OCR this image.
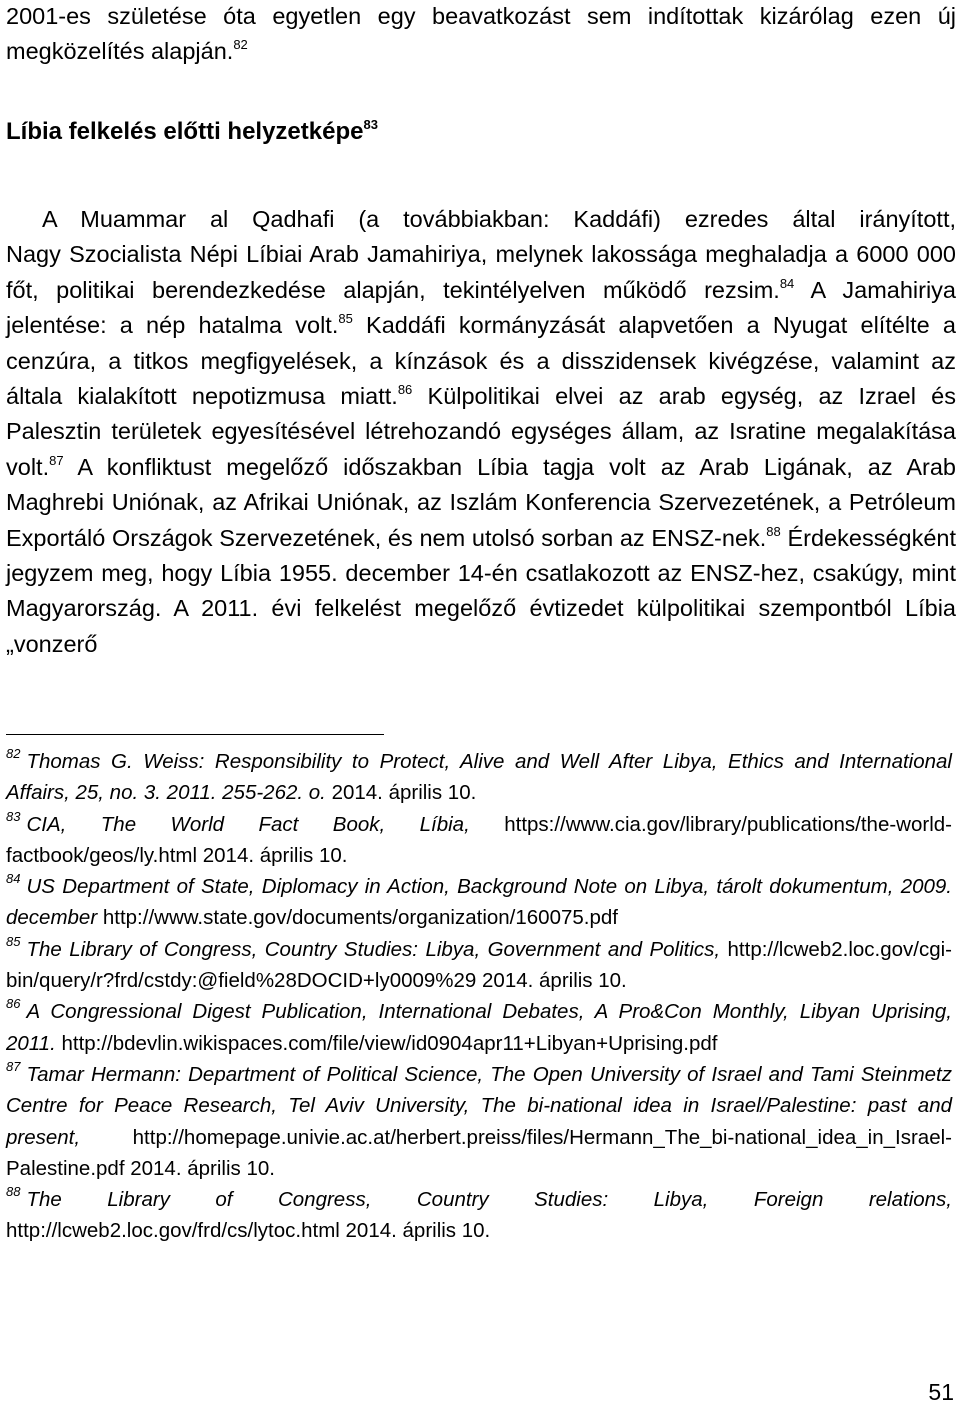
2001-es születése óta egyetlen egy beavatkozást sem indítottak kizárólag ezen új megközelítés alapján.$^{82}$

Líbia felkelés előtti helyzetképe$^{83}$

A Muammar al Qadhafi (a továbbiakban: Kaddáfi) ezredes által irányított,
Nagy Szocialista Népi Líbiai Arab Jamahiriya, melynek lakossága meghaladja a 6000 000 főt, politikai berendezkedése alapján, tekintélyelven működő rezsim.$^{84}$ A Jamahiriya jelentése: a nép hatalma volt.$^{85}$ Kaddáfi kormányzását alapvetően a Nyugat elítélte a cenzúra, a titkos megfigyelések, a kínzások és a disszidensek kivégzése, valamint az általa kialakított nepotizmusa miatt.$^{86}$ Külpolitikai elvei az arab egység, az Izrael és Palesztin területek egyesítésével létrehozandó egységes állam, az Isratine megalakítása volt.$^{87}$ A konfliktust megelőző időszakban Líbia tagja volt az Arab Ligának, az Arab Maghrebi Uniónak, az Afrikai Uniónak, az Iszlám Konferencia Szervezetének, a Petróleum Exportáló Országok Szervezetének, és nem utolsó sorban az ENSZ-nek.$^{88}$ Érdekességként jegyzem meg, hogy Líbia 1955. december 14-én csatlakozott az ENSZ-hez, csakúgy, mint Magyarország. A 2011. évi felkelést megelőző évtizedet külpolitikai szempontból Líbia „vonzerő

$^{82}$ Thomas G. Weiss: Responsibility to Protect, Alive and Well After Libya, Ethics and International Affairs, 25, no. 3. 2011. 255-262. o. 2014. április 10.
$^{83}$ CIA, The World Fact Book, Líbia, https://www.cia.gov/library/publications/the-world-factbook/geos/ly.html 2014. április 10.
$^{84}$ US Department of State, Diplomacy in Action, Background Note on Libya, tárolt dokumentum, 2009. december http://www.state.gov/documents/organization/160075.pdf
$^{85}$ The Library of Congress, Country Studies: Libya, Government and Politics, http://lcweb2.loc.gov/cgi-bin/query/r?frd/cstdy:@field%28DOCID+ly0009%29 2014. április 10.
$^{86}$ A Congressional Digest Publication, International Debates, A Pro&Con Monthly, Libyan Uprising, 2011. http://bdevlin.wikispaces.com/file/view/id0904apr11+Libyan+Uprising.pdf
$^{87}$ Tamar Hermann: Department of Political Science, The Open University of Israel and Tami Steinmetz Centre for Peace Research, Tel Aviv University, The bi-national idea in Israel/Palestine: past and present, http://homepage.univie.ac.at/herbert.preiss/files/Hermann_The_bi-national_idea_in_Israel-Palestine.pdf 2014. április 10.
$^{88}$ The Library of Congress, Country Studies: Libya, Foreign relations, http://lcweb2.loc.gov/frd/cs/lytoc.html 2014. április 10.
51
